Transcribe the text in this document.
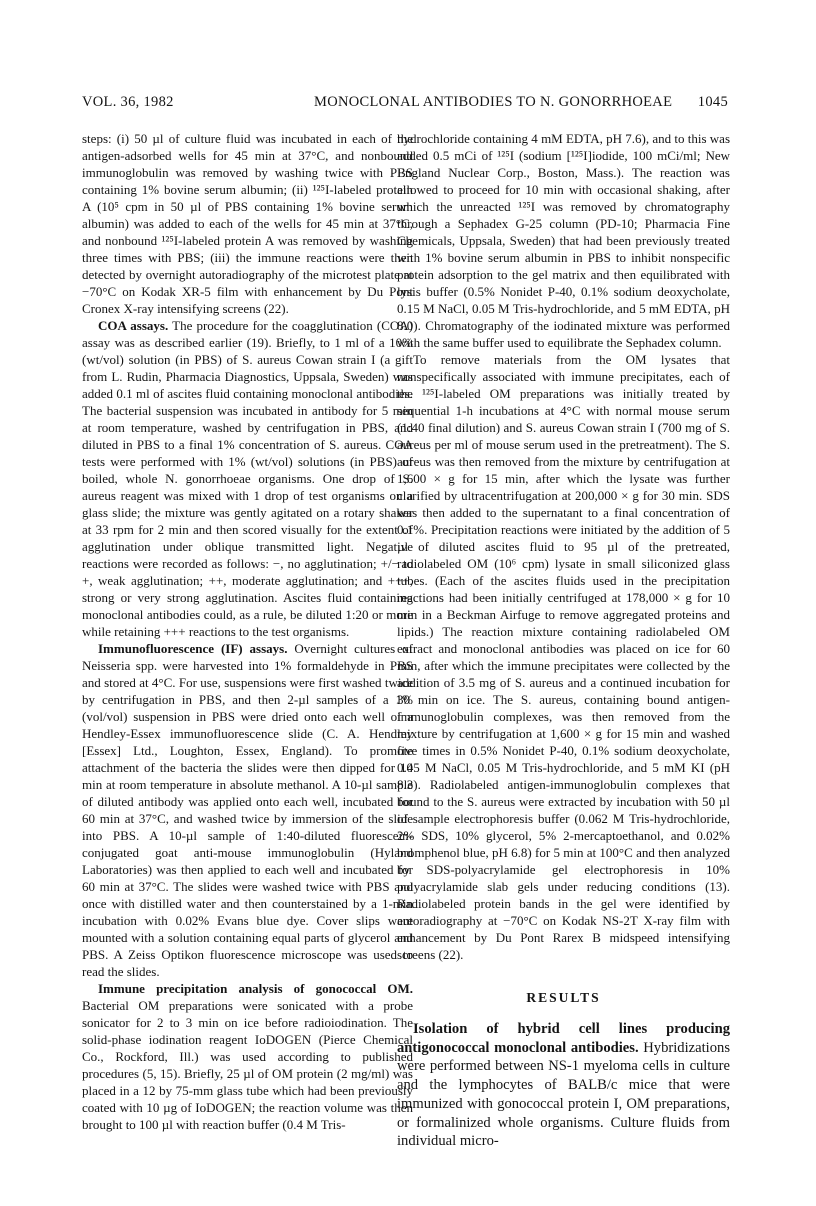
VOL. 36, 1982	MONOCLONAL ANTIBODIES TO N. GONORRHOEAE 1045

steps: (i) 50 µl of culture fluid was incubated in each of the antigen-adsorbed wells for 45 min at 37°C, and nonbound immunoglobulin was removed by washing twice with PBS containing 1% bovine serum albumin; (ii) ¹²⁵I-labeled protein A (10⁵ cpm in 50 µl of PBS containing 1% bovine serum albumin) was added to each of the wells for 45 min at 37°C, and nonbound ¹²⁵I-labeled protein A was removed by washing three times with PBS; (iii) the immune reactions were then detected by overnight autoradiography of the microtest plate at −70°C on Kodak XR-5 film with enhancement by Du Pont Cronex X-ray intensifying screens (22).

COA assays. The procedure for the coagglutination (COA) assay was as described earlier (19). Briefly, to 1 ml of a 10% (wt/vol) solution (in PBS) of S. aureus Cowan strain I (a gift from L. Rudin, Pharmacia Diagnostics, Uppsala, Sweden) was added 0.1 ml of ascites fluid containing monoclonal antibodies. The bacterial suspension was incubated in antibody for 5 min at room temperature, washed by centrifugation in PBS, and diluted in PBS to a final 1% concentration of S. aureus. COA tests were performed with 1% (wt/vol) solutions (in PBS) of boiled, whole N. gonorrhoeae organisms. One drop of S. aureus reagent was mixed with 1 drop of test organisms on a glass slide; the mixture was gently agitated on a rotary shaker at 33 rpm for 2 min and then scored visually for the extent of agglutination under oblique transmitted light. Negative reactions were recorded as follows: −, no agglutination; +/− to +, weak agglutination; ++, moderate agglutination; and +++, strong or very strong agglutination. Ascites fluid containing monoclonal antibodies could, as a rule, be diluted 1:20 or more while retaining +++ reactions to the test organisms.

Immunofluorescence (IF) assays. Overnight cultures of Neisseria spp. were harvested into 1% formaldehyde in PBS and stored at 4°C. For use, suspensions were first washed twice by centrifugation in PBS, and then 2-µl samples of a 1% (vol/vol) suspension in PBS were dried onto each well of a Hendley-Essex immunofluorescence slide (C. A. Hendley [Essex] Ltd., Loughton, Essex, England). To promote attachment of the bacteria the slides were then dipped for 10 min at room temperature in absolute methanol. A 10-µl sample of diluted antibody was applied onto each well, incubated for 60 min at 37°C, and washed twice by immersion of the slide into PBS. A 10-µl sample of 1:40-diluted fluorescein-conjugated goat anti-mouse immunoglobulin (Hyland Laboratories) was then applied to each well and incubated for 60 min at 37°C. The slides were washed twice with PBS and once with distilled water and then counterstained by a 1-min incubation with 0.02% Evans blue dye. Cover slips were mounted with a solution containing equal parts of glycerol and PBS. A Zeiss Optikon fluorescence microscope was used to read the slides.

Immune precipitation analysis of gonococcal OM. Bacterial OM preparations were sonicated with a probe sonicator for 2 to 3 min on ice before radioiodination. The solid-phase iodination reagent IoDOGEN (Pierce Chemical Co., Rockford, Ill.) was used according to published procedures (5, 15). Briefly, 25 µl of OM protein (2 mg/ml) was placed in a 12 by 75-mm glass tube which had been previously coated with 10 µg of IoDOGEN; the reaction volume was then brought to 100 µl with reaction buffer (0.4 M Tris-

hydrochloride containing 4 mM EDTA, pH 7.6), and to this was added 0.5 mCi of ¹²⁵I (sodium [¹²⁵I]iodide, 100 mCi/ml; New England Nuclear Corp., Boston, Mass.). The reaction was allowed to proceed for 10 min with occasional shaking, after which the unreacted ¹²⁵I was removed by chromatography through a Sephadex G-25 column (PD-10; Pharmacia Fine Chemicals, Uppsala, Sweden) that had been previously treated with 1% bovine serum albumin in PBS to inhibit nonspecific protein adsorption to the gel matrix and then equilibrated with lysis buffer (0.5% Nonidet P-40, 0.1% sodium deoxycholate, 0.15 M NaCl, 0.05 M Tris-hydrochloride, and 5 mM EDTA, pH 8.0). Chromatography of the iodinated mixture was performed with the same buffer used to equilibrate the Sephadex column.

To remove materials from the OM lysates that nonspecifically associated with immune precipitates, each of the ¹²⁵I-labeled OM preparations was initially treated by sequential 1-h incubations at 4°C with normal mouse serum (1:40 final dilution) and S. aureus Cowan strain I (700 mg of S. aureus per ml of mouse serum used in the pretreatment). The S. aureus was then removed from the mixture by centrifugation at 1,600 × g for 15 min, after which the lysate was further clarified by ultracentrifugation at 200,000 × g for 30 min. SDS was then added to the supernatant to a final concentration of 0.1%. Precipitation reactions were initiated by the addition of 5 µl of diluted ascites fluid to 95 µl of the pretreated, radiolabeled OM (10⁶ cpm) lysate in small siliconized glass tubes. (Each of the ascites fluids used in the precipitation reactions had been initially centrifuged at 178,000 × g for 10 min in a Beckman Airfuge to remove aggregated proteins and lipids.) The reaction mixture containing radiolabeled OM extract and monoclonal antibodies was placed on ice for 60 min, after which the immune precipitates were collected by the addition of 3.5 mg of S. aureus and a continued incubation for 30 min on ice. The S. aureus, containing bound antigen-immunoglobulin complexes, was then removed from the mixture by centrifugation at 1,600 × g for 15 min and washed five times in 0.5% Nonidet P-40, 0.1% sodium deoxycholate, 0.45 M NaCl, 0.05 M Tris-hydrochloride, and 5 mM KI (pH 8.3). Radiolabeled antigen-immunoglobulin complexes that bound to the S. aureus were extracted by incubation with 50 µl of sample electrophoresis buffer (0.062 M Tris-hydrochloride, 2% SDS, 10% glycerol, 5% 2-mercaptoethanol, and 0.02% bromphenol blue, pH 6.8) for 5 min at 100°C and then analyzed by SDS-polyacrylamide gel electrophoresis in 10% polyacrylamide slab gels under reducing conditions (13). Radiolabeled protein bands in the gel were identified by autoradiography at −70°C on Kodak NS-2T X-ray film with enhancement by Du Pont Rarex B midspeed intensifying screens (22).

RESULTS

Isolation of hybrid cell lines producing antigonococcal monoclonal antibodies. Hybridizations were performed between NS-1 myeloma cells in culture and the lymphocytes of BALB/c mice that were immunized with gonococcal protein I, OM preparations, or formalinized whole organisms. Culture fluids from individual micro-
